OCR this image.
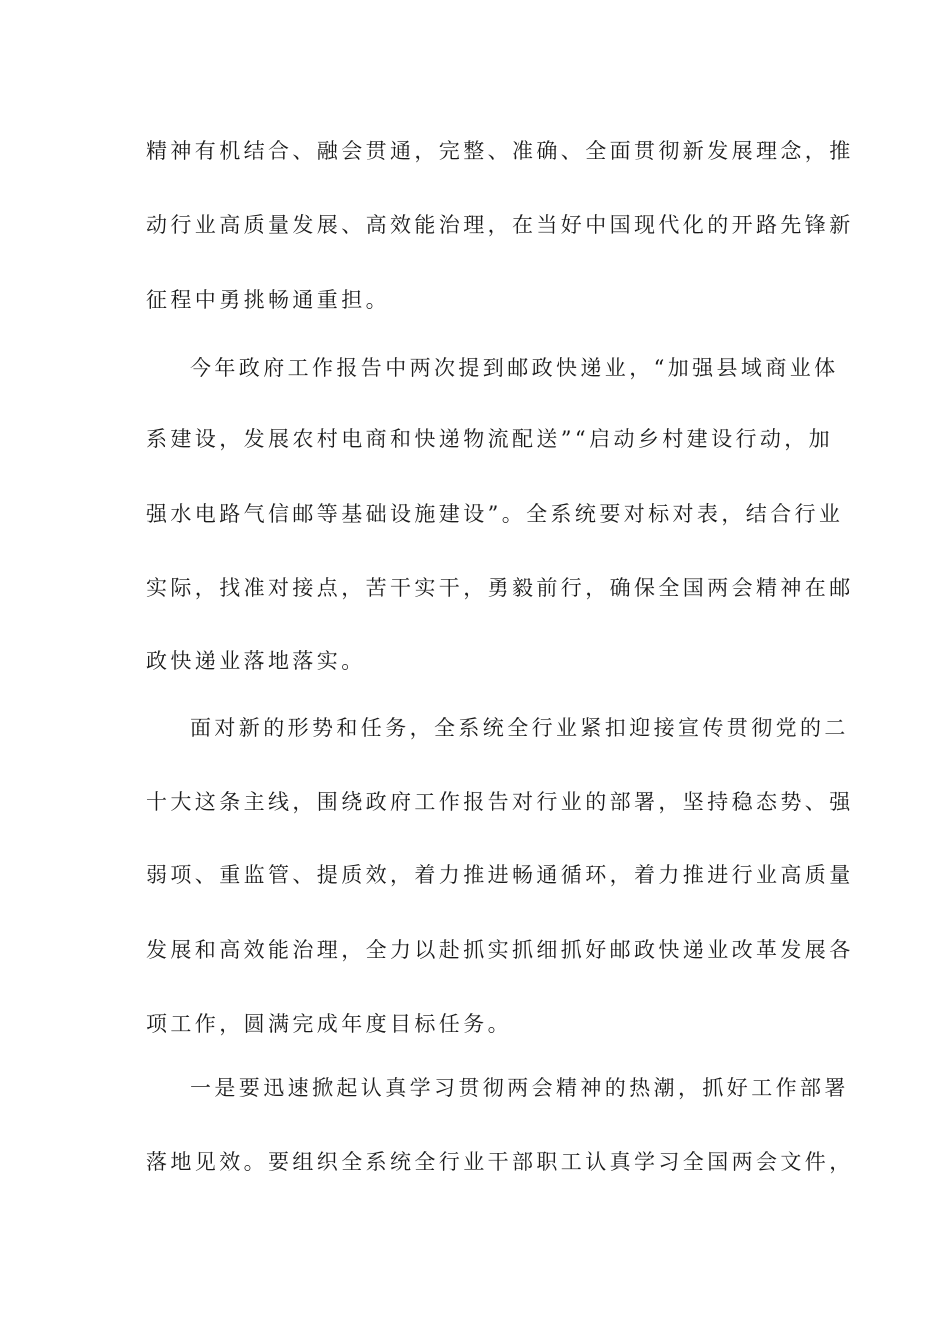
精神有机结合、融会贯通，完整、准确、全面贯彻新发展理念，推
动行业高质量发展、高效能治理，在当好中国现代化的开路先锋新
征程中勇挑畅通重担。
今年政府工作报告中两次提到邮政快递业，“加强县域商业体
系建设，发展农村电商和快递物流配送”“启动乡村建设行动，加
强水电路气信邮等基础设施建设”。全系统要对标对表，结合行业
实际，找准对接点，苦干实干，勇毅前行，确保全国两会精神在邮
政快递业落地落实。
面对新的形势和任务，全系统全行业紧扣迎接宣传贯彻党的二
十大这条主线，围绕政府工作报告对行业的部署，坚持稳态势、强
弱项、重监管、提质效，着力推进畅通循环，着力推进行业高质量
发展和高效能治理，全力以赴抓实抓细抓好邮政快递业改革发展各
项工作，圆满完成年度目标任务。
一是要迅速掀起认真学习贯彻两会精神的热潮，抓好工作部署
落地见效。要组织全系统全行业干部职工认真学习全国两会文件，
